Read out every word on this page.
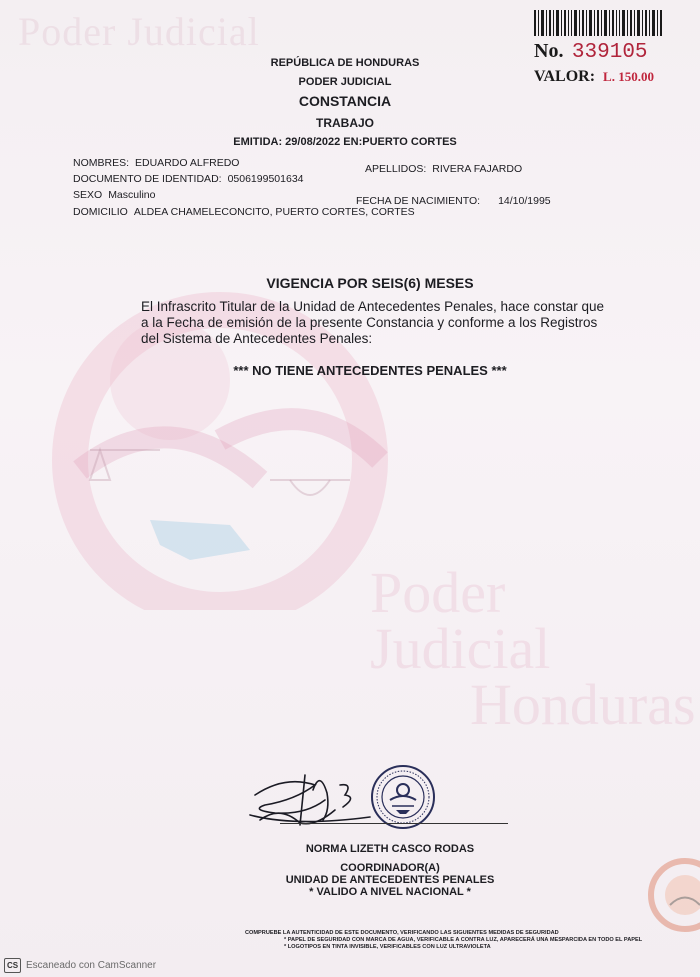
Poder Judicial
Poder Judicial
Honduras
No. 339105
VALOR: L. 150.00
REPÚBLICA DE HONDURAS
PODER JUDICIAL
CONSTANCIA
TRABAJO
EMITIDA: 29/08/2022 EN:PUERTO CORTES
NOMBRES: EDUARDO ALFREDO	APELLIDOS: RIVERA FAJARDO
DOCUMENTO DE IDENTIDAD: 0506199501634
SEXO Masculino	FECHA DE NACIMIENTO: 14/10/1995
DOMICILIO ALDEA CHAMELECONCITO, PUERTO CORTES, CORTES
VIGENCIA POR SEIS(6) MESES
El Infrascrito Titular de la Unidad de Antecedentes Penales, hace constar que a la Fecha de emisión de la presente Constancia y conforme a los Registros del Sistema de Antecedentes Penales:
*** NO TIENE ANTECEDENTES PENALES ***
NORMA LIZETH CASCO RODAS
COORDINADOR(A)
UNIDAD DE ANTECEDENTES PENALES
* VALIDO A NIVEL NACIONAL *
COMPRUEBE LA AUTENTICIDAD DE ESTE DOCUMENTO, VERIFICANDO LAS SIGUIENTES MEDIDAS DE SEGURIDAD
* PAPEL DE SEGURIDAD CON MARCA DE AGUA, VERIFICABLE A CONTRA LUZ, APARECERÁ UNA MESPARCIDA EN TODO EL PAPEL
* LOGOTIPOS EN TINTA INVISIBLE, VERIFICABLES CON LUZ ULTRAVIOLETA
CS Escaneado con CamScanner
